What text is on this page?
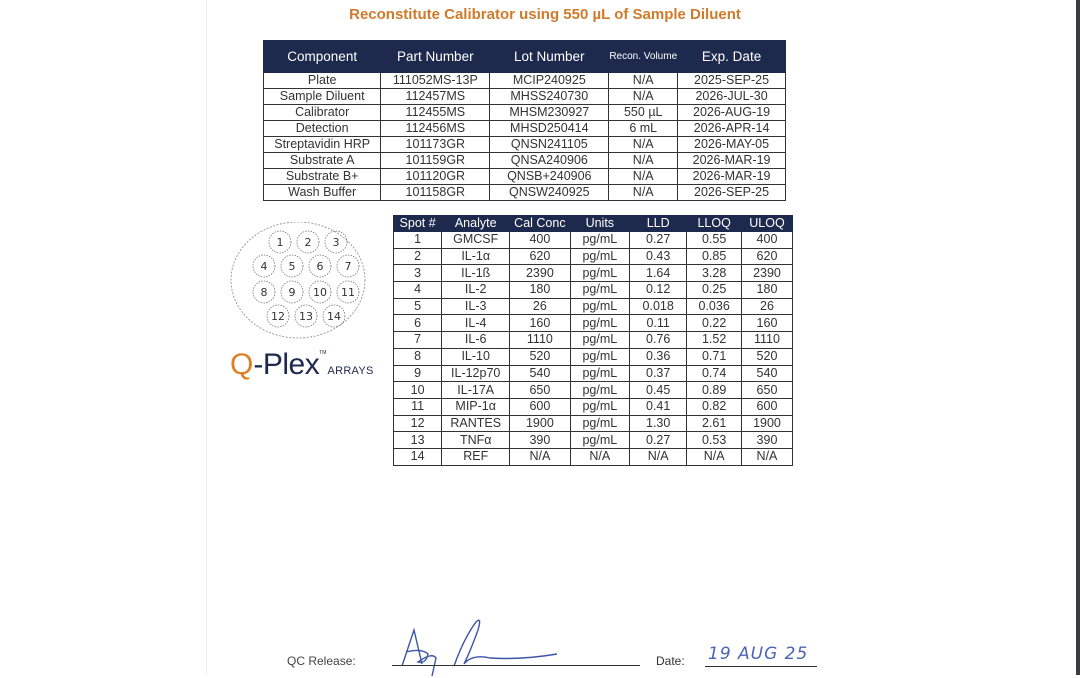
Reconstitute Calibrator using 550 µL of Sample Diluent
Component	Part Number	Lot Number	Recon. Volume	Exp. Date
Plate	111052MS-13P	MCIP240925	N/A	2025-SEP-25
Sample Diluent	112457MS	MHSS240730	N/A	2026-JUL-30
Calibrator	112455MS	MHSM230927	550 µL	2026-AUG-19
Detection	112456MS	MHSD250414	6 mL	2026-APR-14
Streptavidin HRP	101173GR	QNSN241105	N/A	2026-MAY-05
Substrate A	101159GR	QNSA240906	N/A	2026-MAR-19
Substrate B+	101120GR	QNSB+240906	N/A	2026-MAR-19
Wash Buffer	101158GR	QNSW240925	N/A	2026-SEP-25
1 2 3
4 5 6 7
8 9 10 11
12 13 14
Q -Plex TM
ARRAYS
Spot #	Analyte	Cal Conc	Units	LLD	LLOQ	ULOQ
1	GMCSF	400	pg/mL	0.27	0.55	400
2	IL-1α	620	pg/mL	0.43	0.85	620
3	IL-1ß	2390	pg/mL	1.64	3.28	2390
4	IL-2	180	pg/mL	0.12	0.25	180
5	IL-3	26	pg/mL	0.018	0.036	26
6	IL-4	160	pg/mL	0.11	0.22	160
7	IL-6	1110	pg/mL	0.76	1.52	1110
8	IL-10	520	pg/mL	0.36	0.71	520
9	IL-12p70	540	pg/mL	0.37	0.74	540
10	IL-17A	650	pg/mL	0.45	0.89	650
11	MIP-1α	600	pg/mL	0.41	0.82	600
12	RANTES	1900	pg/mL	1.30	2.61	1900
13	TNFα	390	pg/mL	0.27	0.53	390
14	REF	N/A	N/A	N/A	N/A	N/A
QC Release:	Date: 19 AUG 25
